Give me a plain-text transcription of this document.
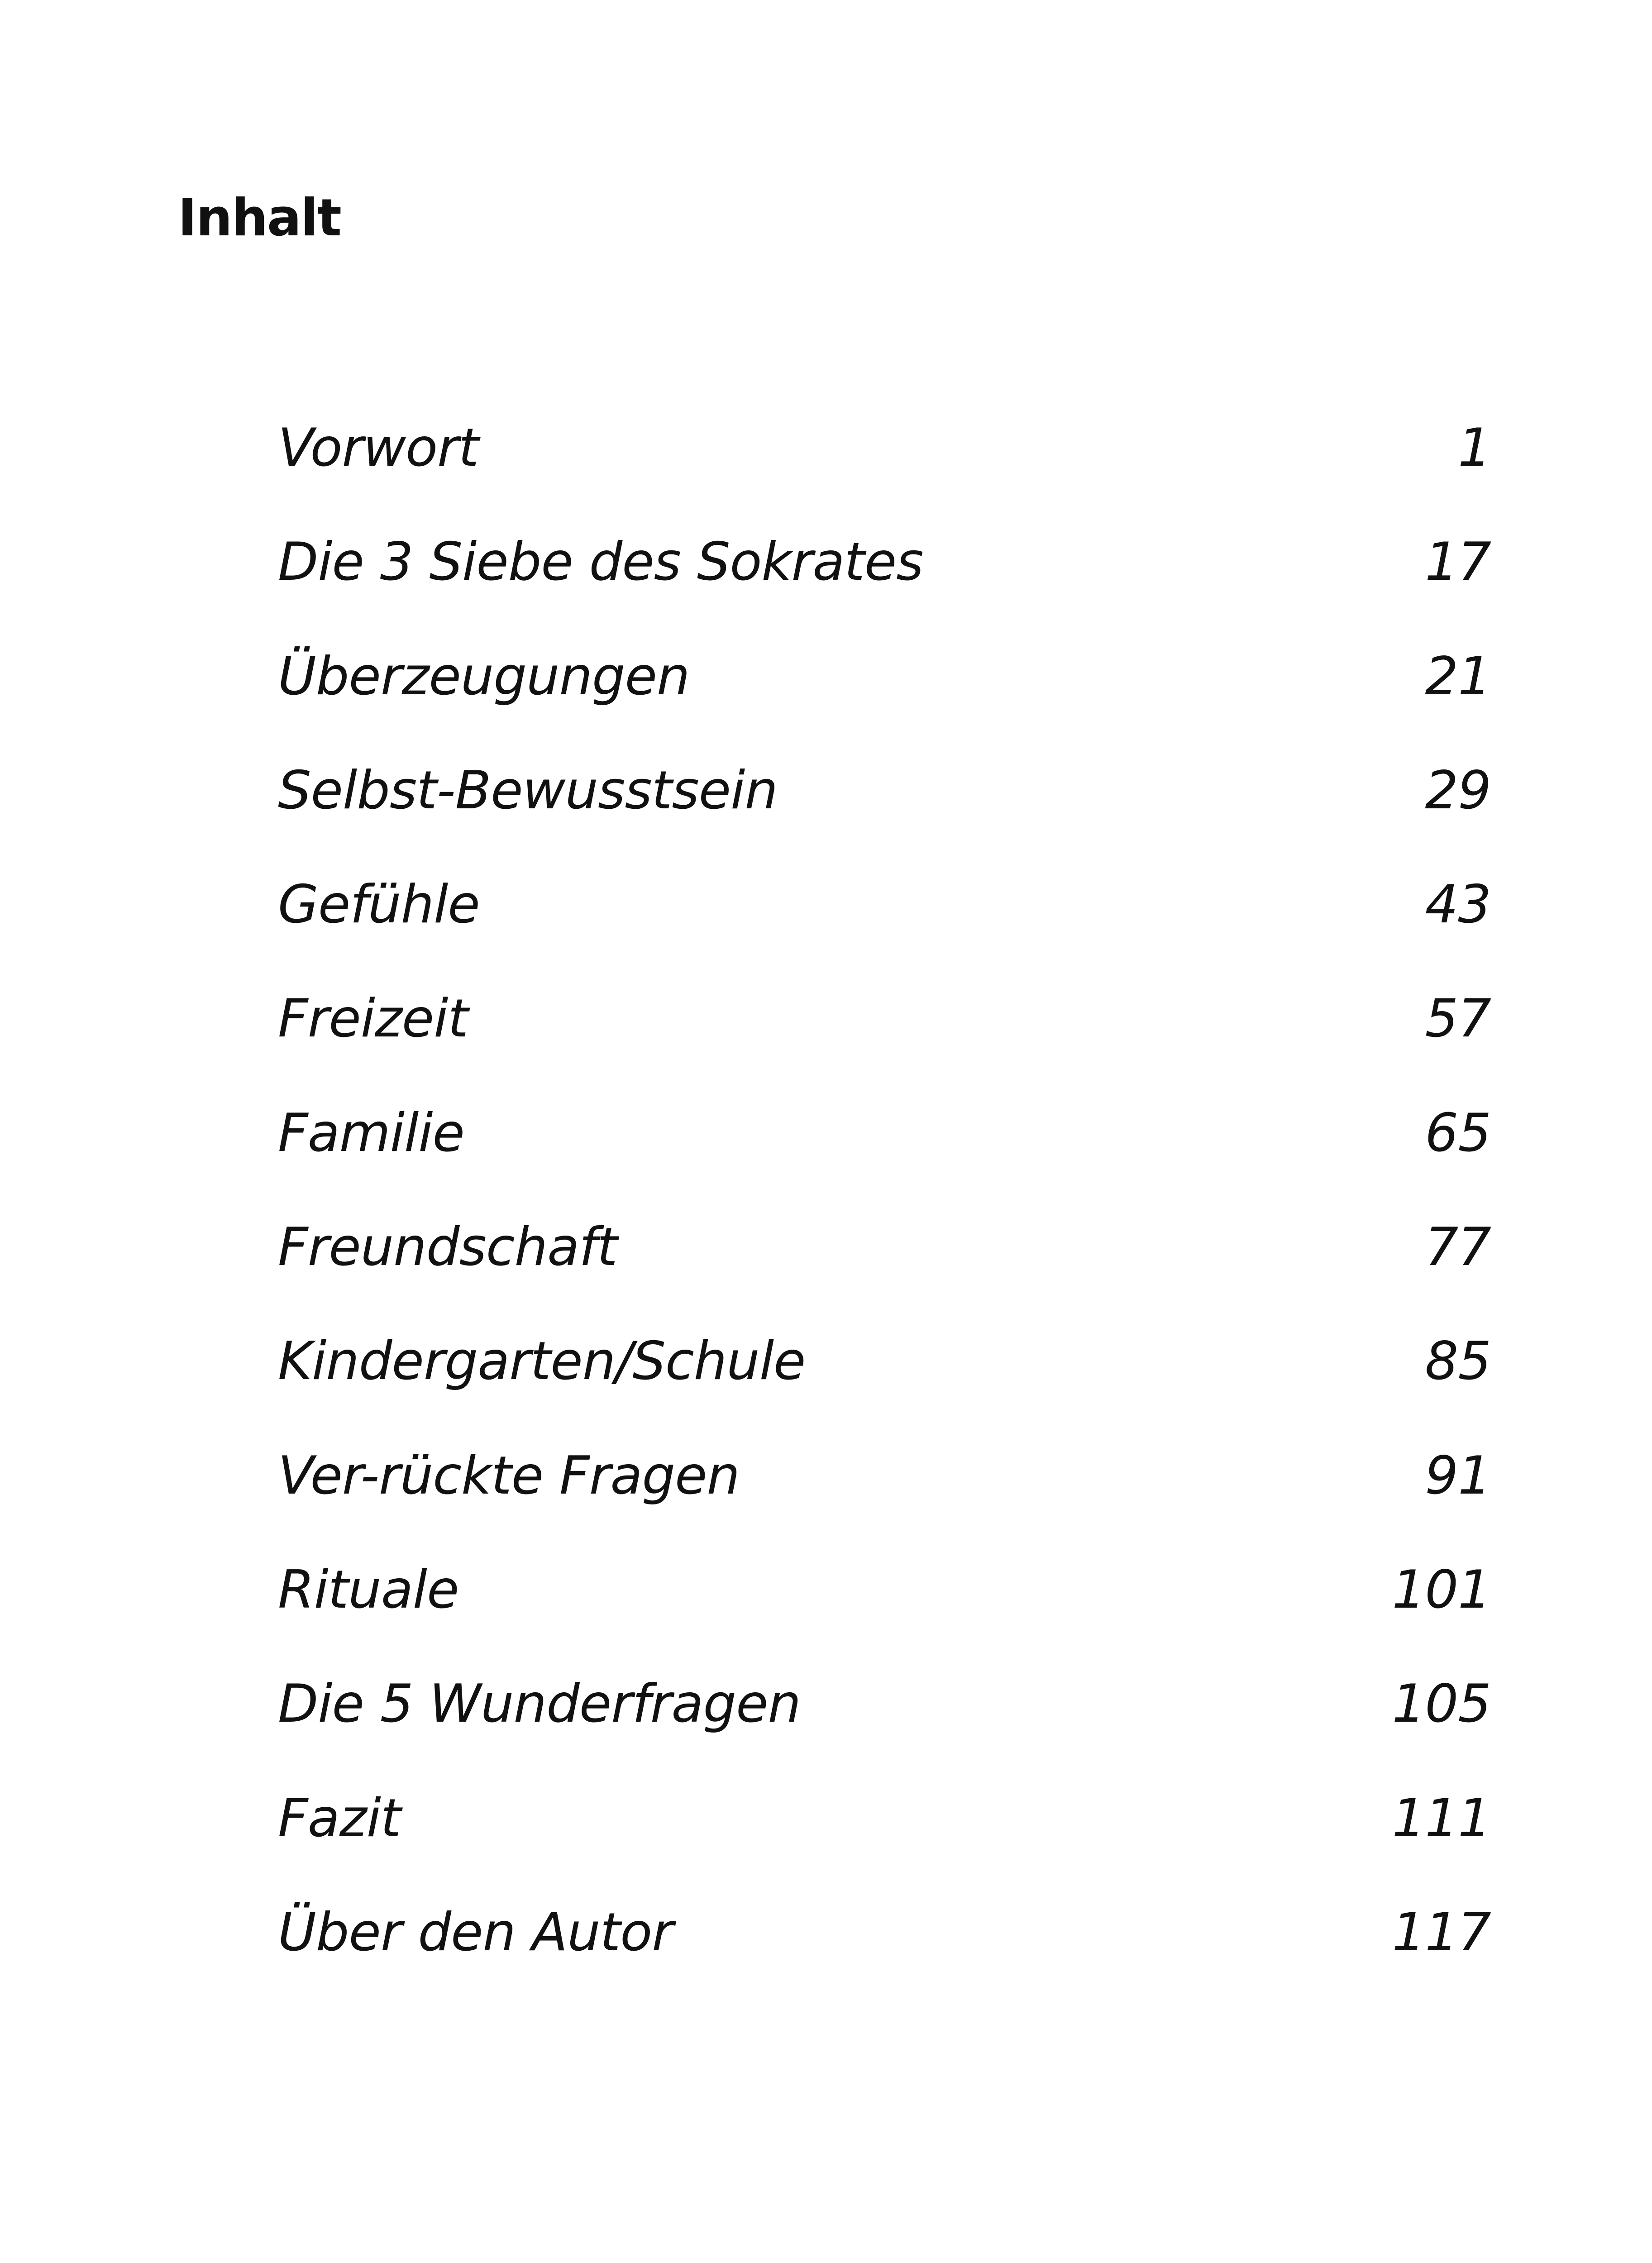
Inhalt
Vorwort	1
Die 3 Siebe des Sokrates	17
Überzeugungen	21
Selbst-Bewusstsein	29
Gefühle	43
Freizeit	57
Familie	65
Freundschaft	77
Kindergarten/Schule	85
Ver-rückte Fragen	91
Rituale	101
Die 5 Wunderfragen	105
Fazit	111
Über den Autor	117
